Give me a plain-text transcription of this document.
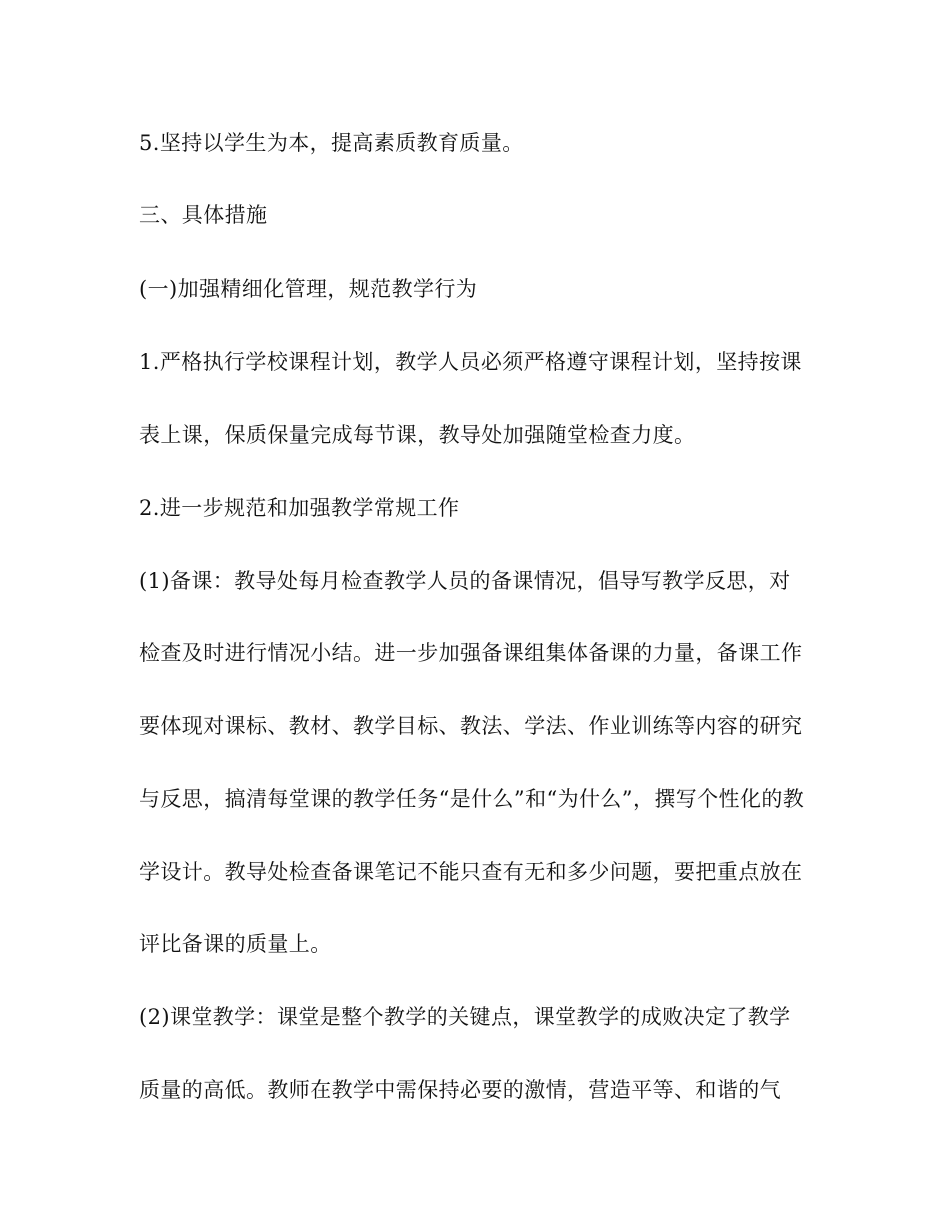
5.坚持以学生为本，提高素质教育质量。
三、具体措施
(一)加强精细化管理，规范教学行为
1.严格执行学校课程计划，教学人员必须严格遵守课程计划，坚持按课
表上课，保质保量完成每节课，教导处加强随堂检查力度。
2.进一步规范和加强教学常规工作
(1)备课：教导处每月检查教学人员的备课情况，倡导写教学反思，对
检查及时进行情况小结。进一步加强备课组集体备课的力量，备课工作
要体现对课标、教材、教学目标、教法、学法、作业训练等内容的研究
与反思，搞清每堂课的教学任务“是什么”和“为什么”，撰写个性化的教
学设计。教导处检查备课笔记不能只查有无和多少问题，要把重点放在
评比备课的质量上。
(2)课堂教学：课堂是整个教学的关键点，课堂教学的成败决定了教学
质量的高低。教师在教学中需保持必要的激情，营造平等、和谐的气
